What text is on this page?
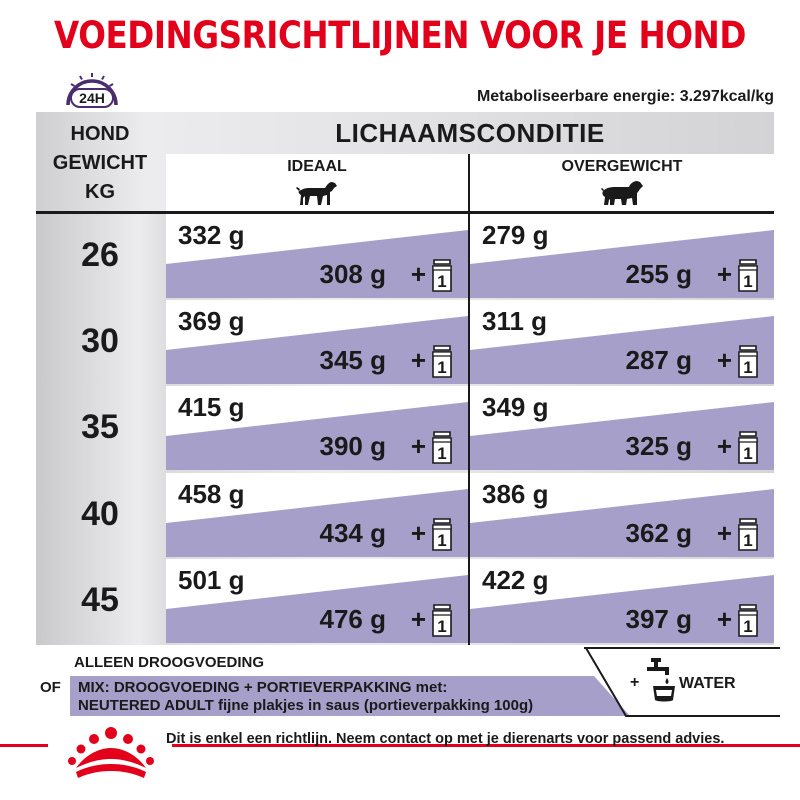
VOEDINGSRICHTLIJNEN VOOR JE HOND
24H	Metaboliseerbare energie: 3.297kcal/kg
HOND
GEWICHT
KG
LICHAAMSCONDITIE
IDEAAL	OVERGEWICHT
26
332 g
308 g + 1
279 g
255 g + 1
30
369 g
345 g + 1
311 g
287 g + 1
35
415 g
390 g + 1
349 g
325 g + 1
40
458 g
434 g + 1
386 g
362 g + 1
45
501 g
476 g + 1
422 g
397 g + 1
ALLEEN DROOGVOEDING
OF MIX: DROOGVOEDING + PORTIEVERPAKKING met:
NEUTERED ADULT fijne plakjes in saus (portieverpakking 100g)
+ WATER
Dit is enkel een richtlijn. Neem contact op met je dierenarts voor passend advies.
